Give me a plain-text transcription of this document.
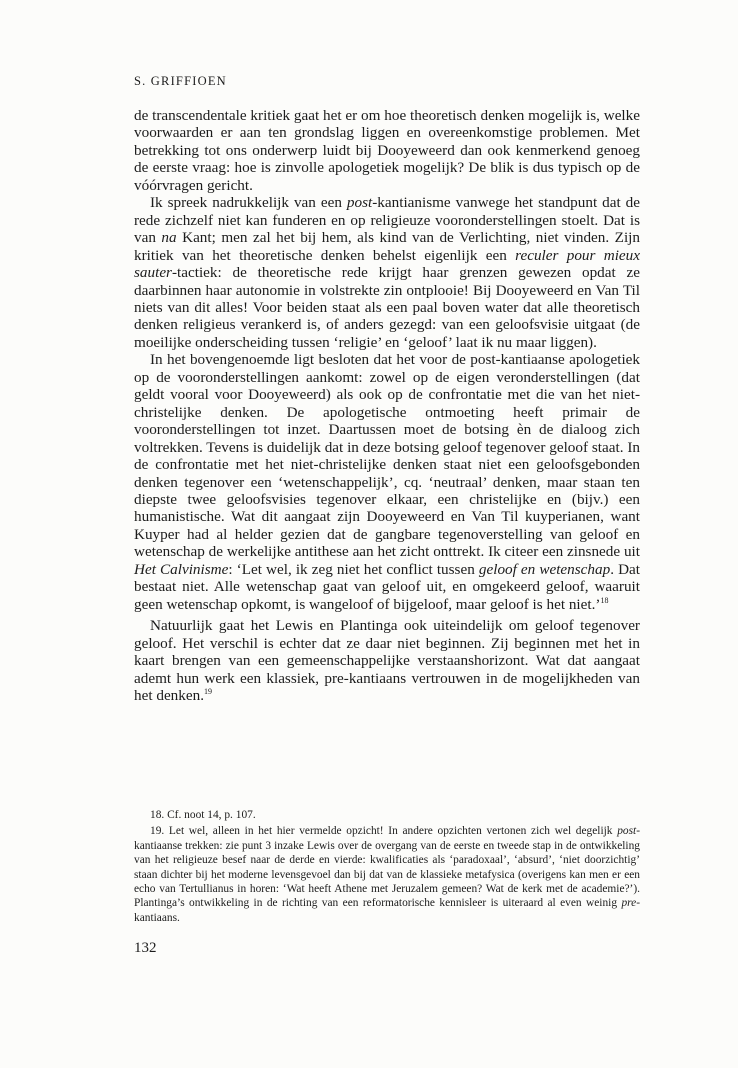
S. GRIFFIOEN

de transcendentale kritiek gaat het er om hoe theoretisch denken mogelijk is, welke voorwaarden er aan ten grondslag liggen en overeenkomstige problemen. Met betrekking tot ons onderwerp luidt bij Dooyeweerd dan ook kenmerkend genoeg de eerste vraag: hoe is zinvolle apologetiek mogelijk? De blik is dus typisch op de vóórvragen gericht.

Ik spreek nadrukkelijk van een post-kantianisme vanwege het standpunt dat de rede zichzelf niet kan funderen en op religieuze vooronderstellingen stoelt. Dat is van na Kant; men zal het bij hem, als kind van de Verlichting, niet vinden. Zijn kritiek van het theoretische denken behelst eigenlijk een reculer pour mieux sauter-tactiek: de theoretische rede krijgt haar grenzen gewezen opdat ze daarbinnen haar autonomie in volstrekte zin ontplooie! Bij Dooyeweerd en Van Til niets van dit alles! Voor beiden staat als een paal boven water dat alle theoretisch denken religieus verankerd is, of anders gezegd: van een geloofsvisie uitgaat (de moeilijke onderscheiding tussen ‘religie’ en ‘geloof’ laat ik nu maar liggen).

In het bovengenoemde ligt besloten dat het voor de post-kantiaanse apologetiek op de vooronderstellingen aankomt: zowel op de eigen veronderstellingen (dat geldt vooral voor Dooyeweerd) als ook op de confrontatie met die van het niet-christelijke denken. De apologetische ontmoeting heeft primair de vooronderstellingen tot inzet. Daartussen moet de botsing èn de dialoog zich voltrekken. Tevens is duidelijk dat in deze botsing geloof tegenover geloof staat. In de confrontatie met het niet-christelijke denken staat niet een geloofsgebonden denken tegenover een ‘wetenschappelijk’, cq. ‘neutraal’ denken, maar staan ten diepste twee geloofsvisies tegenover elkaar, een christelijke en (bijv.) een humanistische. Wat dit aangaat zijn Dooyeweerd en Van Til kuyperianen, want Kuyper had al helder gezien dat de gangbare tegenoverstelling van geloof en wetenschap de werkelijke antithese aan het zicht onttrekt. Ik citeer een zinsnede uit Het Calvinisme: ‘Let wel, ik zeg niet het conflict tussen geloof en wetenschap. Dat bestaat niet. Alle wetenschap gaat van geloof uit, en omgekeerd geloof, waaruit geen wetenschap opkomt, is wangeloof of bijgeloof, maar geloof is het niet.’$^{18}$

Natuurlijk gaat het Lewis en Plantinga ook uiteindelijk om geloof tegenover geloof. Het verschil is echter dat ze daar niet beginnen. Zij beginnen met het in kaart brengen van een gemeenschappelijke verstaanshorizont. Wat dat aangaat ademt hun werk een klassiek, pre-kantiaans vertrouwen in de mogelijkheden van het denken.$^{19}$

18. Cf. noot 14, p. 107.

19. Let wel, alleen in het hier vermelde opzicht! In andere opzichten vertonen zich wel degelijk post-kantiaanse trekken: zie punt 3 inzake Lewis over de overgang van de eerste en tweede stap in de ontwikkeling van het religieuze besef naar de derde en vierde: kwalificaties als ‘paradoxaal’, ‘absurd’, ‘niet doorzichtig’ staan dichter bij het moderne levensgevoel dan bij dat van de klassieke metafysica (overigens kan men er een echo van Tertullianus in horen: ‘Wat heeft Athene met Jeruzalem gemeen? Wat de kerk met de academie?’). Plantinga’s ontwikkeling in de richting van een reformatorische kennisleer is uiteraard al even weinig pre-kantiaans.

132
